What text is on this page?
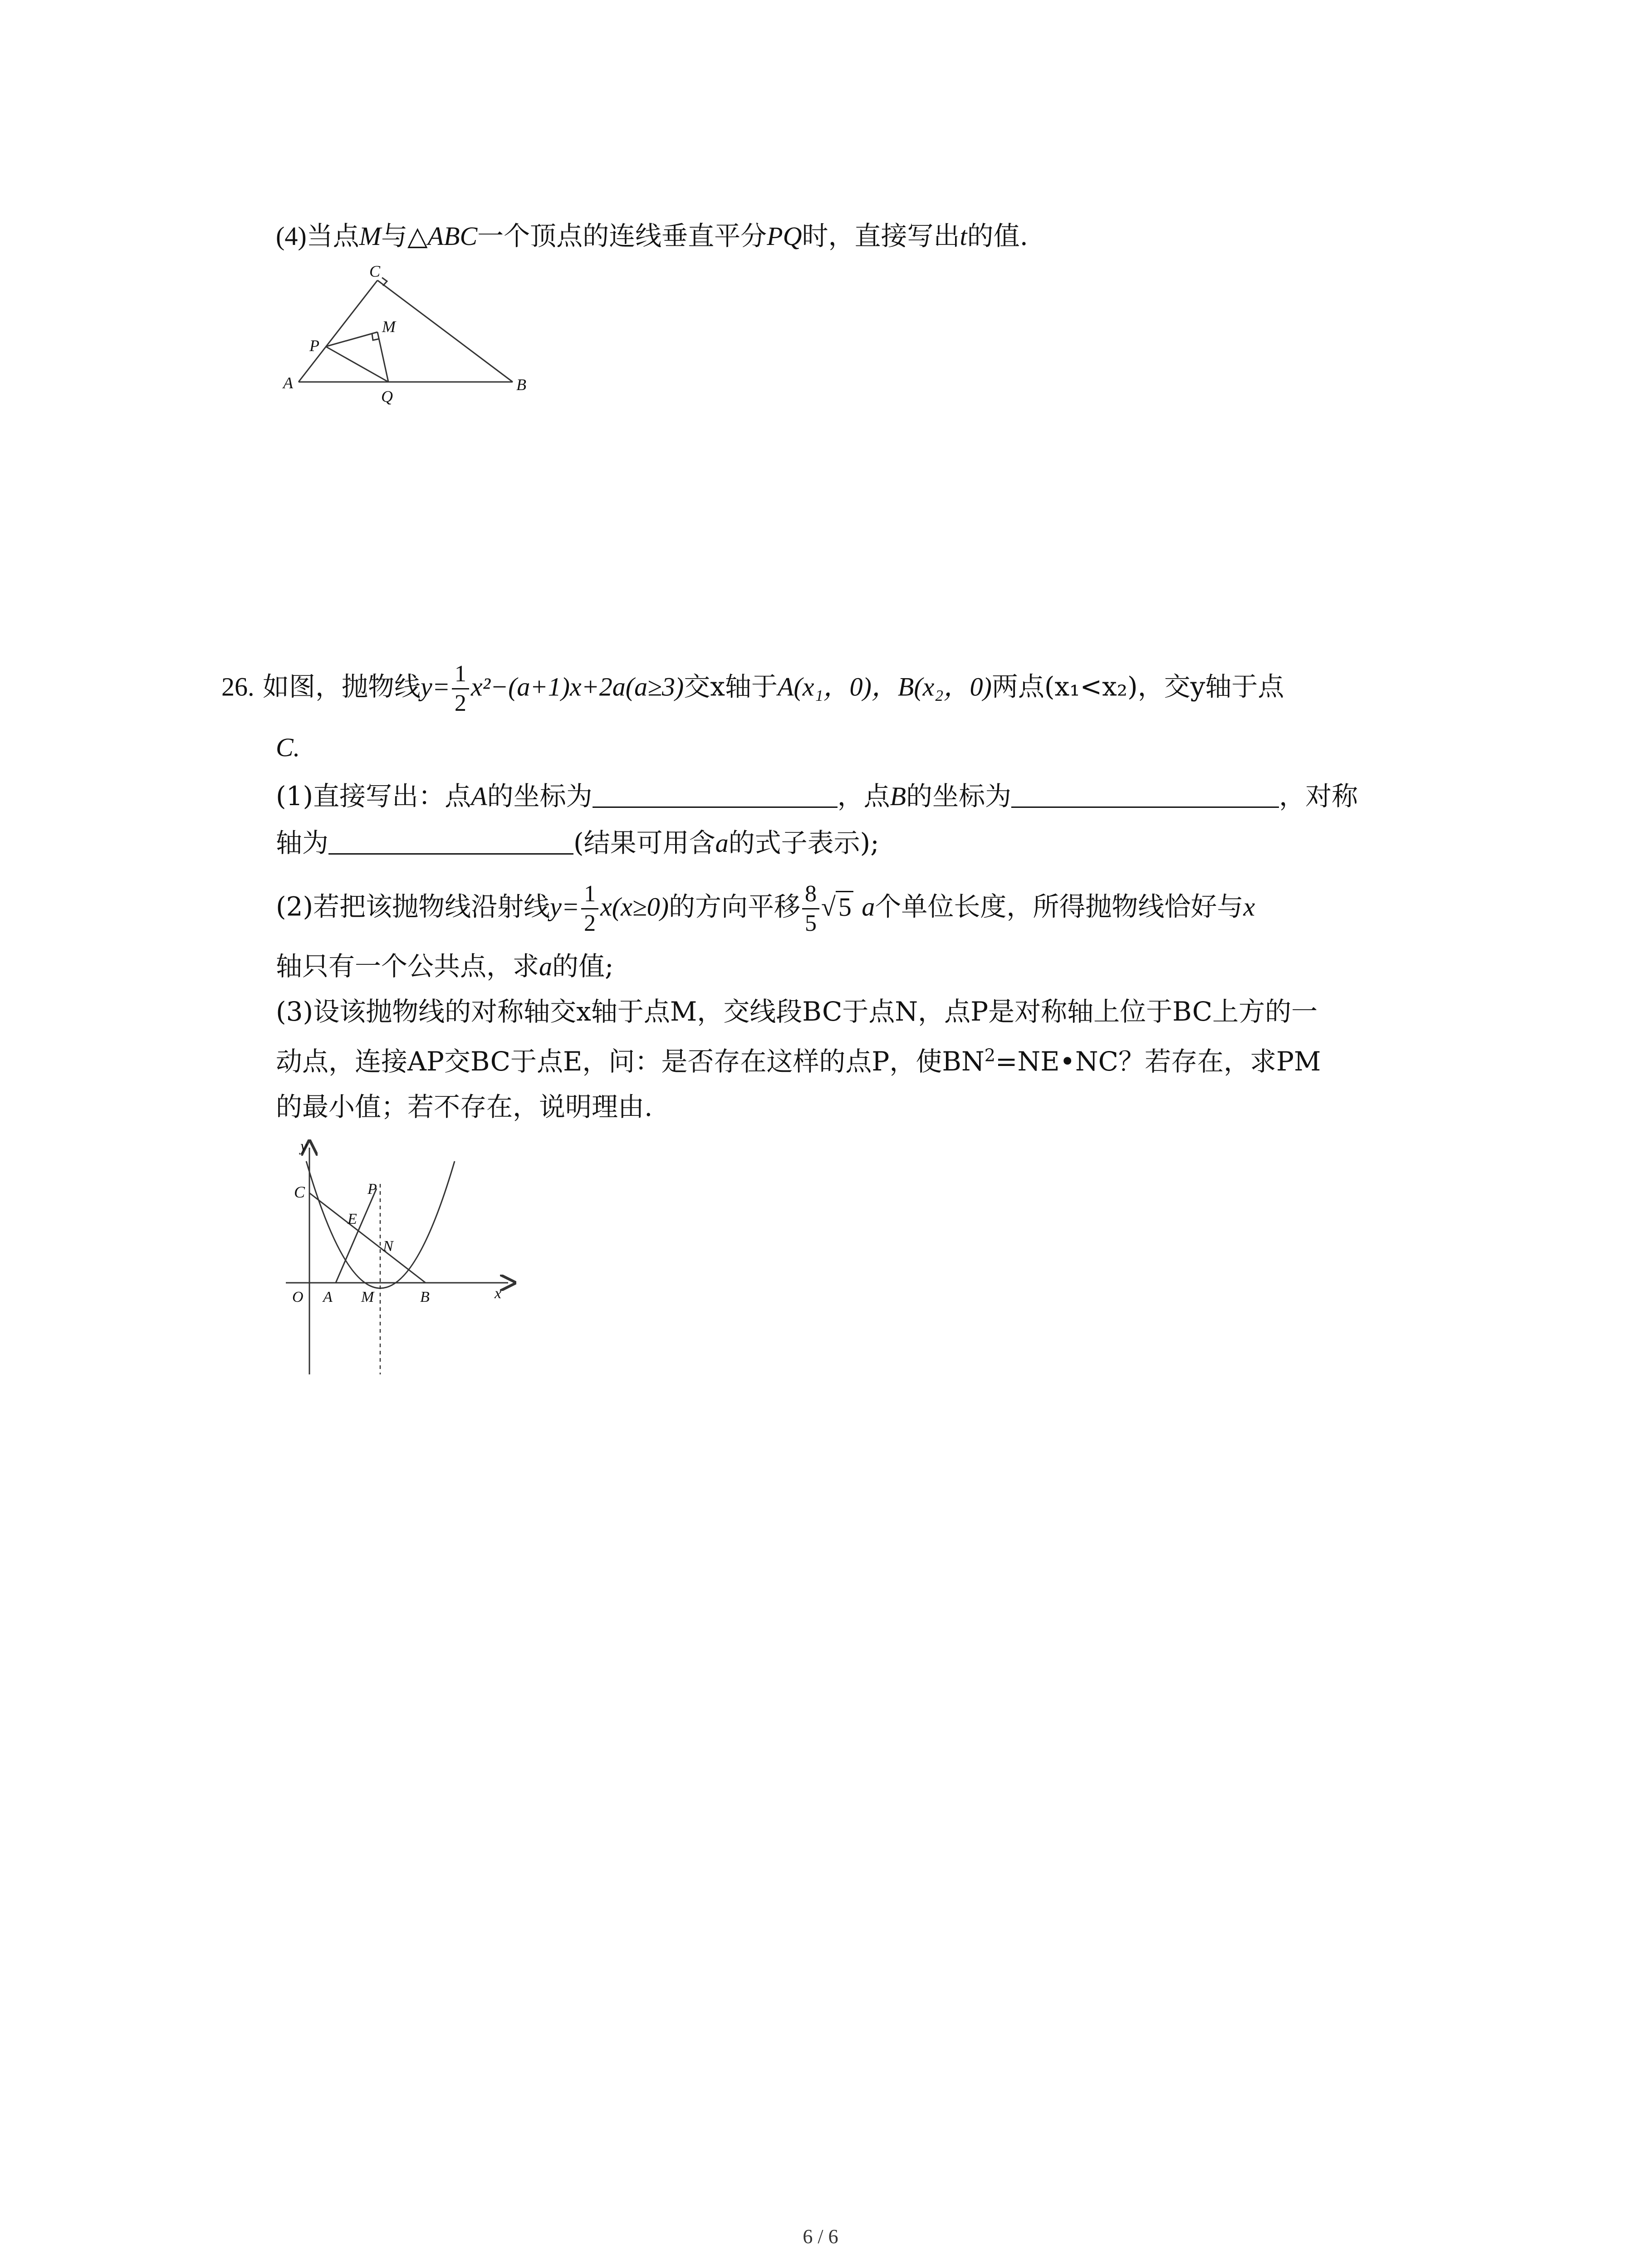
(4)当点M与△ABC一个顶点的连线垂直平分PQ时，直接写出t的值.
C
M
P
A
Q
B
26. 如图，抛物线$y= \frac{1}{2} x^2-(a+1)x+2a(a\ge 3)$交x轴于A(x₁，0)，B(x₂，0)两点(x₁<x₂)，交y轴于点
C.
(1)直接写出：点A的坐标为	，点B的坐标为	，对称
轴为	(结果可用含a的式子表示);
(2)若把该抛物线沿射线$y= \frac{1}{2} x(x\ge 0)$的方向平移 $\frac{8}{5}$ √ 5 a个单位长度，所得抛物线恰好与x
轴只有一个公共点，求a的值;
(3)设该抛物线的对称轴交x轴于点M，交线段BC于点N，点P是对称轴上位于BC上方的一
动点，连接AP交BC于点E，问：是否存在这样的点P，使$BN^2=NE•NC$？若存在，求PM
的最小值；若不存在，说明理由.
y
x
C	P
E
N
O A M	B
6 / 6
